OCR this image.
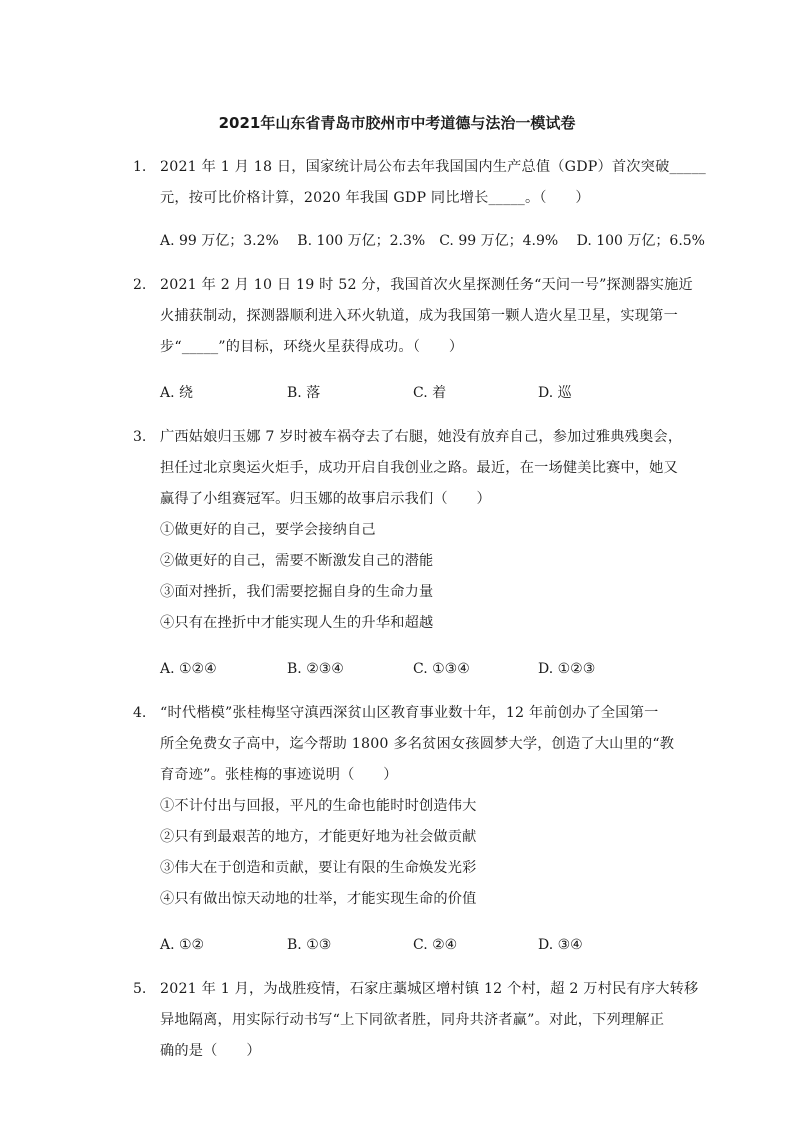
2021年山东省青岛市胶州市中考道德与法治一模试卷
1. 2021 年 1 月 18 日，国家统计局公布去年我国国内生产总值（GDP）首次突破_____
元，按可比价格计算，2020 年我国 GDP 同比增长_____。（　　）
A. 99 万亿；3.2%　 B. 100 万亿；2.3%　C. 99 万亿；4.9%　 D. 100 万亿；6.5%
2. 2021 年 2 月 10 日 19 时 52 分，我国首次火星探测任务“天问一号”探测器实施近
火捕获制动，探测器顺利进入环火轨道，成为我国第一颗人造火星卫星，实现第一
步“_____”的目标，环绕火星获得成功。（　　）
A. 绕	B. 落	C. 着	D. 巡
3. 广西姑娘归玉娜 7 岁时被车祸夺去了右腿，她没有放弃自己，参加过雅典残奥会，
担任过北京奥运火炬手，成功开启自我创业之路。最近，在一场健美比赛中，她又
赢得了小组赛冠军。归玉娜的故事启示我们（　　）
①做更好的自己，要学会接纳自己
②做更好的自己，需要不断激发自己的潜能
③面对挫折，我们需要挖掘自身的生命力量
④只有在挫折中才能实现人生的升华和超越
A. ①②④	B. ②③④	C. ①③④	D. ①②③
4. “时代楷模”张桂梅坚守滇西深贫山区教育事业数十年，12 年前创办了全国第一
所全免费女子高中，迄今帮助 1800 多名贫困女孩圆梦大学，创造了大山里的“教
育奇迹”。张桂梅的事迹说明（　　）
①不计付出与回报，平凡的生命也能时时创造伟大
②只有到最艰苦的地方，才能更好地为社会做贡献
③伟大在于创造和贡献，要让有限的生命焕发光彩
④只有做出惊天动地的壮举，才能实现生命的价值
A. ①②	B. ①③	C. ②④	D. ③④
5. 2021 年 1 月，为战胜疫情，石家庄藁城区增村镇 12 个村，超 2 万村民有序大转移
异地隔离，用实际行动书写“上下同欲者胜，同舟共济者赢”。对此，下列理解正
确的是（　　）
